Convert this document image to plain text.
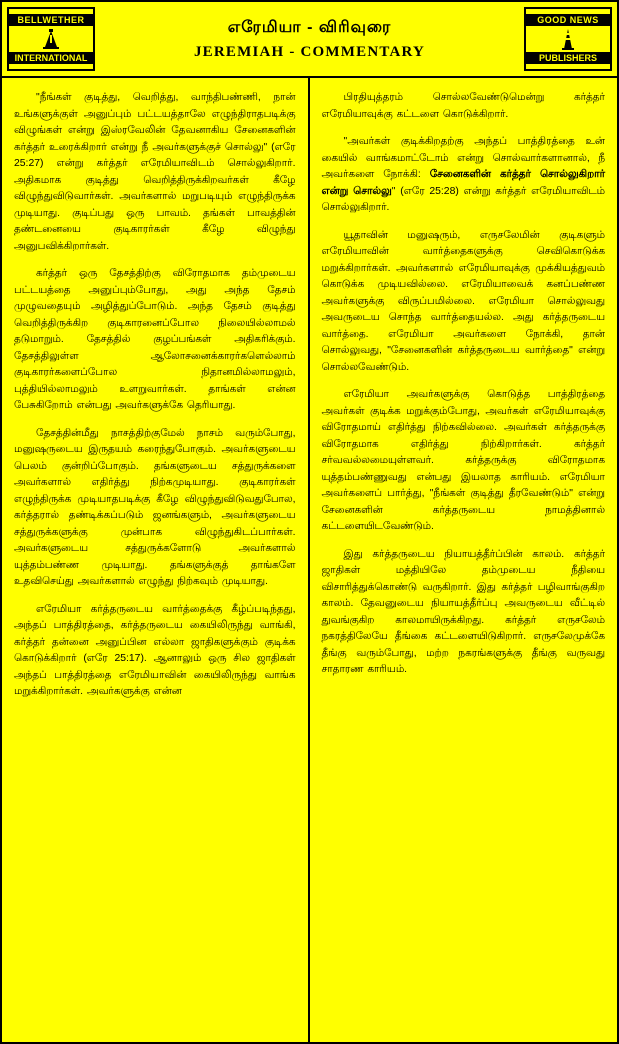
BELLWETHER
INTERNATIONAL
எரேமியா - விரிவுரை
JEREMIAH - COMMENTARY
GOOD NEWS
PUBLISHERS

"நீங்கள் குடித்து, வெறித்து, வாந்திபண்ணி, நான் உங்களுக்குள் அனுப்பும் பட்டயத்தாலே எழுந்திராதபடிக்கு விழுங்கள் என்று இஸ்ரவேலின் தேவனாகிய சேனைகளின் கர்த்தர் உரைக்கிறார் என்று நீ அவர்களுக்குச் சொல்லு" (எரே 25:27) என்று கர்த்தர் எரேமியாவிடம் சொல்லுகிறார். அதிகமாக குடித்து வெறித்திருக்கிறவர்கள் கீழே விழுந்துவிடுவார்கள். அவர்களால் மறுபடியும் எழுந்திருக்க முடியாது. குடிப்பது ஒரு பாவம். தங்கள் பாவத்தின் தண்டனையை குடிகாரர்கள் கீழே விழுந்து அனுபவிக்கிறார்கள்.

கர்த்தர் ஒரு தேசத்திற்கு விரோதமாக தம்முடைய பட்டயத்தை அனுப்பும்போது, அது அந்த தேசம் முழுவதையும் அழித்துப்போடும். அந்த தேசம் குடித்து வெறித்திருக்கிற குடிகாரனைப்போல நிலையில்லாமல் தடுமாறும். தேசத்தில் குழப்பங்கள் அதிகரிக்கும். தேசத்திலுள்ள ஆலோசனைக்காரர்களெல்லாம் குடிகாரர்களைப்போல நிதானமில்லாமலும், புத்தியில்லாமலும் உளறுவார்கள். தாங்கள் என்ன பேசுகிறோம் என்பது அவர்களுக்கே தெரியாது.

தேசத்தின்மீது நாசத்திற்குமேல் நாசம் வரும்போது, மனுஷருடைய இருதயம் கரைந்துபோகும். அவர்களுடைய பெலம் குன்றிப்போகும். தங்களுடைய சத்துருக்களை அவர்களால் எதிர்த்து நிற்கமுடியாது. குடிகாரர்கள் எழுந்திருக்க முடியாதபடிக்கு கீழே விழுந்துவிடுவதுபோல, கர்த்தரால் தண்டிக்கப்படும் ஜனங்களும், அவர்களுடைய சத்துருக்களுக்கு முன்பாக விழுந்துகிடப்பார்கள். அவர்களுடைய சத்துருக்களோடு அவர்களால் யுத்தம்பண்ண முடியாது. தங்களுக்குத் தாங்களே உதவிசெய்து அவர்களால் எழுந்து நிற்கவும் முடியாது.

எரேமியா கர்த்தருடைய வார்த்தைக்கு கீழ்ப்படிந்தது, அந்தப் பாத்திரத்தை, கர்த்தருடைய கையிலிருந்து வாங்கி, கர்த்தர் தன்னை அனுப்பின எல்லா ஜாதிகளுக்கும் குடிக்க கொடுக்கிறார் (எரே 25:17). ஆனாலும் ஒரு சில ஜாதிகள் அந்தப் பாத்திரத்தை எரேமியாவின் கையிலிருந்து வாங்க மறுக்கிறார்கள். அவர்களுக்கு என்ன

பிரதியுத்தரம் சொல்லவேண்டுமென்று கர்த்தர் எரேமியாவுக்கு கட்டளை கொடுக்கிறார்.

"அவர்கள் குடிக்கிறதற்கு அந்தப் பாத்திரத்தை உன் கையில் வாங்கமாட்டோம் என்று சொல்வார்களானால், நீ அவர்களை நோக்கி: சேனைகளின் கர்த்தர் சொல்லுகிறார் என்று சொல்லு" (எரே 25:28) என்று கர்த்தர் எரேமியாவிடம் சொல்லுகிறார்.

யூதாவின் மனுஷரும், எருசலேமின் குடிகளும் எரேமியாவின் வார்த்தைகளுக்கு செவிகொடுக்க மறுக்கிறார்கள். அவர்களால் எரேமியாவுக்கு முக்கியத்துவம் கொடுக்க முடியவில்லை. எரேமியாவைக் கனப்பண்ண அவர்களுக்கு விருப்பமில்லை. எரேமியா சொல்லுவது அவருடைய சொந்த வார்த்தையல்ல. அது கர்த்தருடைய வார்த்தை. எரேமியா அவர்களை நோக்கி, தான் சொல்லுவது, "சேனைகளின் கர்த்தருடைய வார்த்தை" என்று சொல்லவேண்டும்.

எரேமியா அவர்களுக்கு கொடுத்த பாத்திரத்தை அவர்கள் குடிக்க மறுக்கும்போது, அவர்கள் எரேமியாவுக்கு விரோதமாய் எதிர்த்து நிற்கவில்லை. அவர்கள் கர்த்தருக்கு விரோதமாக எதிர்த்து நிற்கிறார்கள். கர்த்தர் சர்வவல்லமையுள்ளவர். கர்த்தருக்கு விரோதமாக யுத்தம்பண்ணுவது என்பது இயலாத காரியம். எரேமியா அவர்களைப் பார்த்து, "நீங்கள் குடித்து தீரவேண்டும்" என்று சேனைகளின் கர்த்தருடைய நாமத்தினால் கட்டளையிடவேண்டும்.

இது கர்த்தருடைய நியாயத்தீர்ப்பின் காலம். கர்த்தர் ஜாதிகள் மத்தியிலே தம்முடைய நீதியை விசாரித்துக்கொண்டு வருகிறார். இது கர்த்தர் பழிவாங்குகிற காலம். தேவனுடைய நியாயத்தீர்ப்பு அவருடைய வீட்டில் துவங்குகிற காலமாயிருக்கிறது. கர்த்தர் எருசலேம் நகரத்திலேயே தீங்கை கட்டளையிடுகிறார். எருசலேமுக்கே தீங்கு வரும்போது, மற்ற நகரங்களுக்கு தீங்கு வருவது சாதாரண காரியம்.
